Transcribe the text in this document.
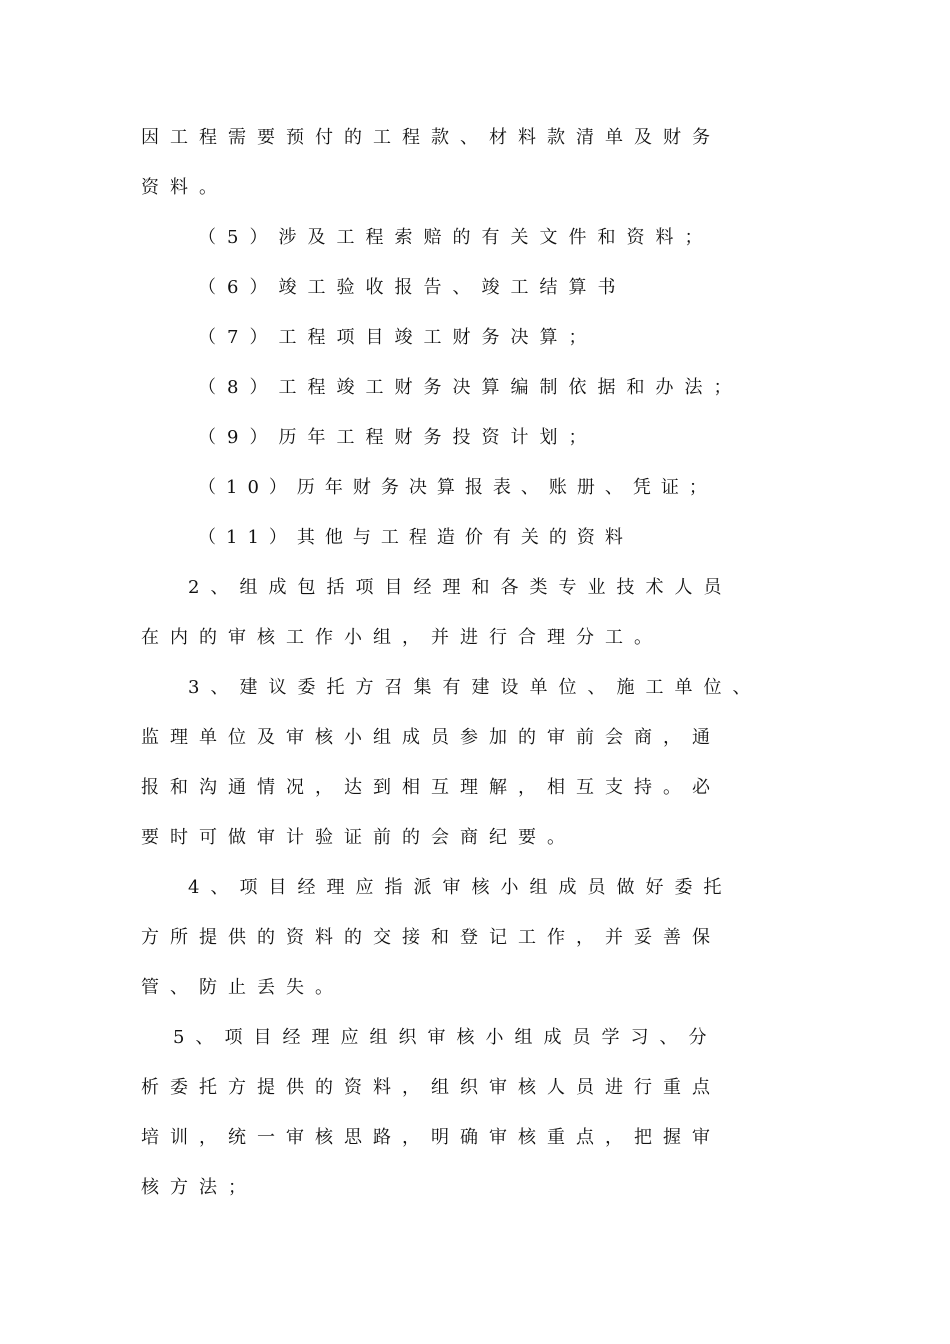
因工程需要预付的工程款、材料款清单及财务
资料。
（5）涉及工程索赔的有关文件和资料；
（6）竣工验收报告、竣工结算书
（7）工程项目竣工财务决算；
（8）工程竣工财务决算编制依据和办法；
（9）历年工程财务投资计划；
（10）历年财务决算报表、账册、凭证；
（11）其他与工程造价有关的资料
2、组成包括项目经理和各类专业技术人员
在内的审核工作小组，并进行合理分工。
3、建议委托方召集有建设单位、施工单位、
监理单位及审核小组成员参加的审前会商，通
报和沟通情况，达到相互理解，相互支持。必
要时可做审计验证前的会商纪要。
4、项目经理应指派审核小组成员做好委托
方所提供的资料的交接和登记工作，并妥善保
管、防止丢失。
5、项目经理应组织审核小组成员学习、分
析委托方提供的资料，组织审核人员进行重点
培训，统一审核思路，明确审核重点，把握审
核方法；
